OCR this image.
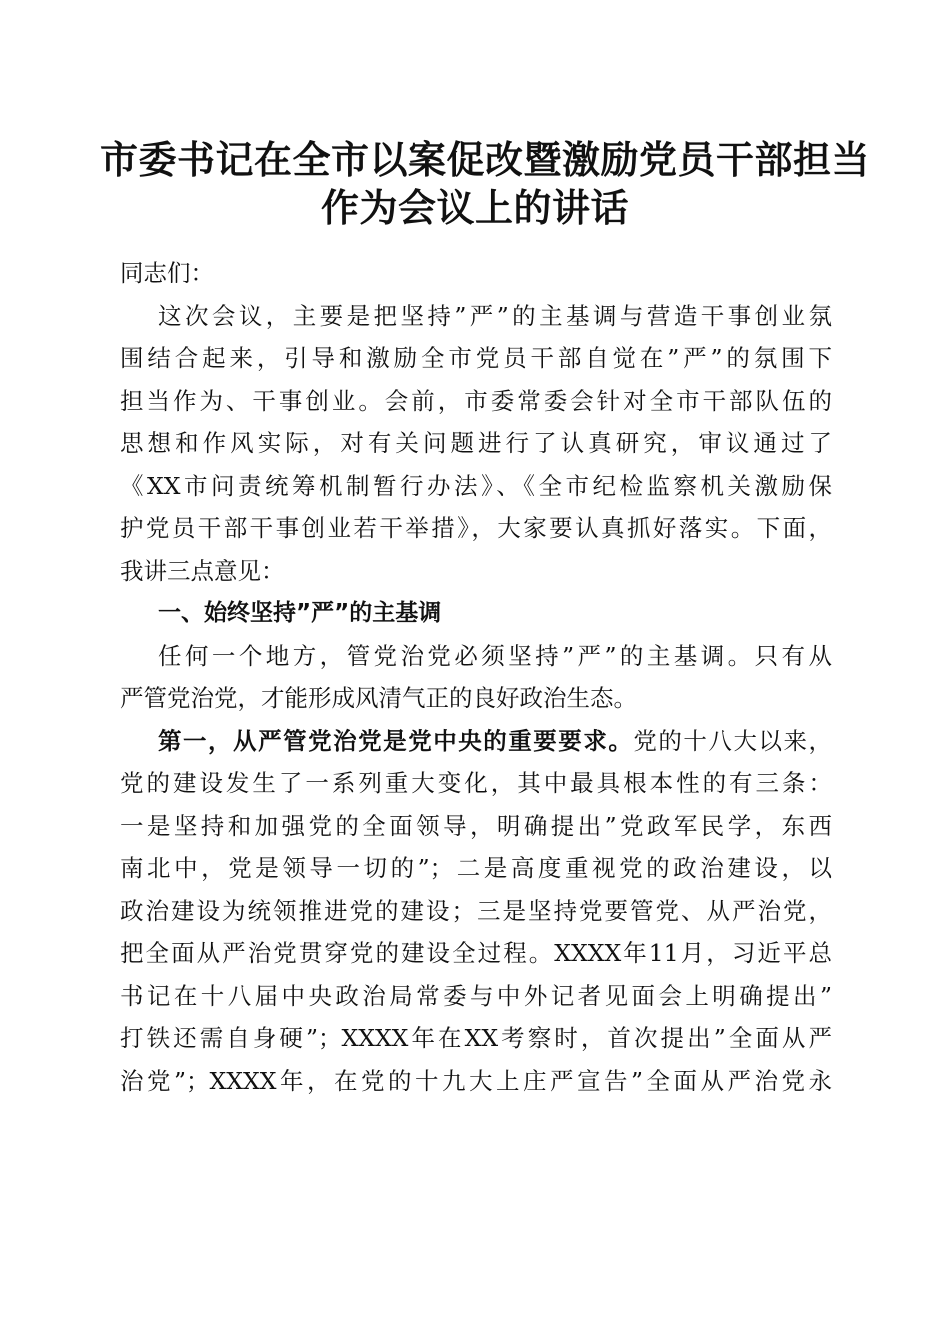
市委书记在全市以案促改暨激励党员干部担当
作为会议上的讲话
同志们：
这次会议，主要是把坚持”严”的主基调与营造干事创业氛
围结合起来，引导和激励全市党员干部自觉在”严”的氛围下
担当作为、干事创业。会前，市委常委会针对全市干部队伍的
思想和作风实际，对有关问题进行了认真研究，审议通过了
《XX市问责统筹机制暂行办法》、《全市纪检监察机关激励保
护党员干部干事创业若干举措》，大家要认真抓好落实。下面，
我讲三点意见：
一、始终坚持”严”的主基调
任何一个地方，管党治党必须坚持”严”的主基调。只有从
严管党治党，才能形成风清气正的良好政治生态。
第一，从严管党治党是党中央的重要要求。党的十八大以来，
党的建设发生了一系列重大变化，其中最具根本性的有三条：
一是坚持和加强党的全面领导，明确提出”党政军民学，东西
南北中，党是领导一切的”；二是高度重视党的政治建设，以
政治建设为统领推进党的建设；三是坚持党要管党、从严治党，
把全面从严治党贯穿党的建设全过程。XXXX年11月，习近平总
书记在十八届中央政治局常委与中外记者见面会上明确提出”
打铁还需自身硬”；XXXX年在XX考察时，首次提出”全面从严
治党”；XXXX年，在党的十九大上庄严宣告”全面从严治党永
